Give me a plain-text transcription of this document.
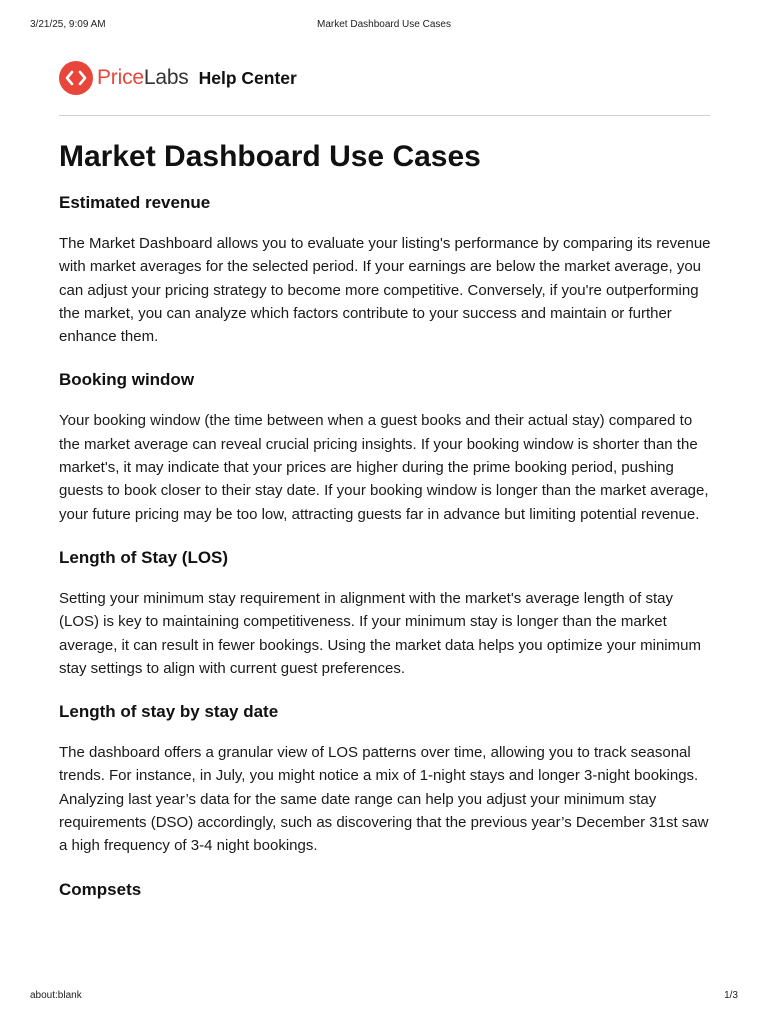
3/21/25, 9:09 AM	Market Dashboard Use Cases
PriceLabs Help Center
Market Dashboard Use Cases
Estimated revenue

The Market Dashboard allows you to evaluate your listing's performance by comparing its revenue with market averages for the selected period. If your earnings are below the market average, you can adjust your pricing strategy to become more competitive. Conversely, if you're outperforming the market, you can analyze which factors contribute to your success and maintain or further enhance them.

Booking window

Your booking window (the time between when a guest books and their actual stay) compared to the market average can reveal crucial pricing insights. If your booking window is shorter than the market's, it may indicate that your prices are higher during the prime booking period, pushing guests to book closer to their stay date. If your booking window is longer than the market average, your future pricing may be too low, attracting guests far in advance but limiting potential revenue.

Length of Stay (LOS)

Setting your minimum stay requirement in alignment with the market's average length of stay (LOS) is key to maintaining competitiveness. If your minimum stay is longer than the market average, it can result in fewer bookings. Using the market data helps you optimize your minimum stay settings to align with current guest preferences.

Length of stay by stay date

The dashboard offers a granular view of LOS patterns over time, allowing you to track seasonal trends. For instance, in July, you might notice a mix of 1-night stays and longer 3-night bookings. Analyzing last year’s data for the same date range can help you adjust your minimum stay requirements (DSO) accordingly, such as discovering that the previous year’s December 31st saw a high frequency of 3-4 night bookings.

Compsets
about:blank	1/3
